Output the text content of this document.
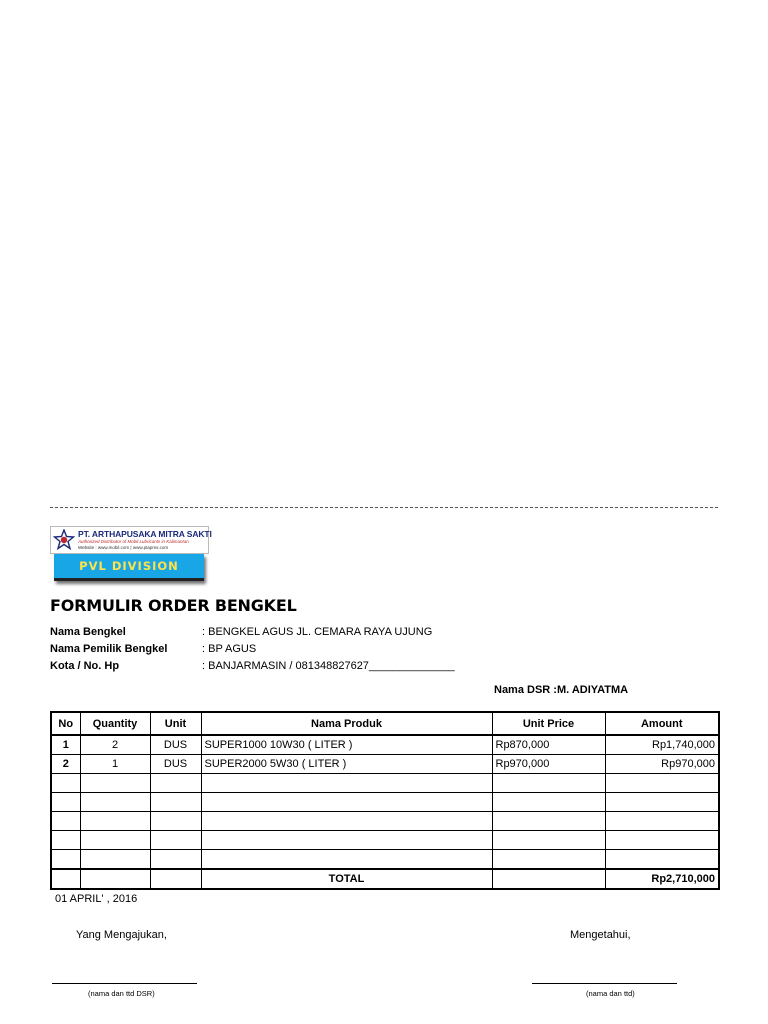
PT. ARTHAPUSAKA MITRA SAKTI
Authorized Distributor of Mobil Lubricants in Kalimantan
Website : www.mobil.com | www.ptapms.com
PVL DIVISION
FORMULIR ORDER BENGKEL
Nama Bengkel	: BENGKEL AGUS JL. CEMARA RAYA UJUNG
Nama Pemilik Bengkel	: BP AGUS
Kota / No. Hp	: BANJARMASIN / 081348827627______________
Nama DSR :M. ADIYATMA
No	Quantity	Unit	Nama Produk	Unit Price	Amount
1	2	DUS	SUPER1000 10W30 ( LITER )	Rp870,000	Rp1,740,000
2	1	DUS	SUPER2000 5W30 ( LITER )	Rp970,000	Rp970,000

			TOTAL		Rp2,710,000
01 APRIL' , 2016
Yang Mengajukan,	Mengetahui,
(nama dan ttd DSR)	(nama dan ttd)
